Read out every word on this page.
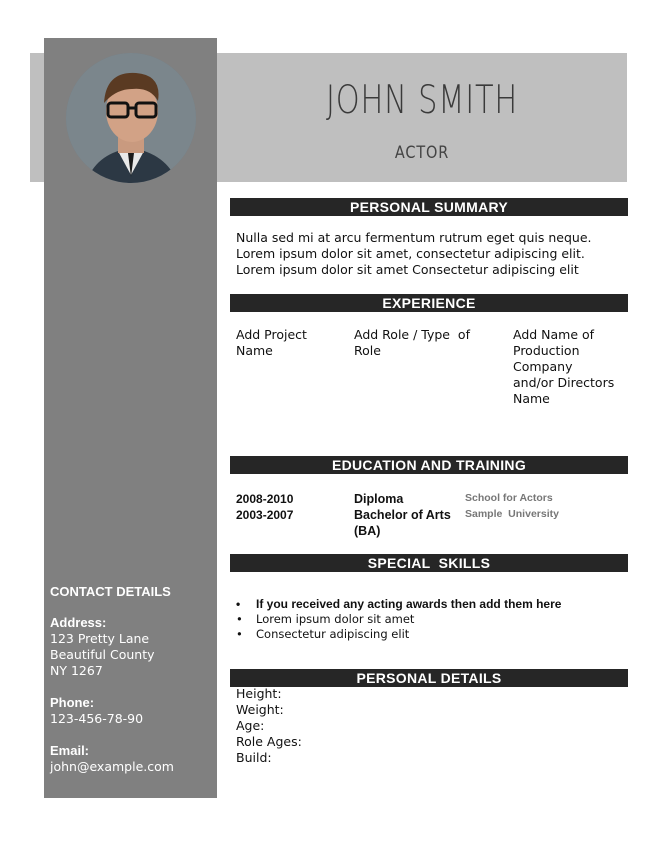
JOHN SMITH
ACTOR
PERSONAL SUMMARY
Nulla sed mi at arcu fermentum rutrum eget quis neque.
Lorem ipsum dolor sit amet, consectetur adipiscing elit.
Lorem ipsum dolor sit amet Consectetur adipiscing elit
EXPERIENCE
Add Project
Name
Add Role / Type  of
Role
Add Name of
Production
Company
and/or Directors
Name
EDUCATION AND TRAINING
2008-2010
2003-2007
Diploma
Bachelor of Arts
(BA)
School for Actors
Sample  University
SPECIAL  SKILLS
• If you received any acting awards then add them here
• Lorem ipsum dolor sit amet
• Consectetur adipiscing elit
PERSONAL DETAILS
Height:
Weight:
Age:
Role Ages:
Build:
CONTACT DETAILS
Address:
123 Pretty Lane
Beautiful County
NY 1267
Phone:
123-456-78-90
Email:
john@example.com
